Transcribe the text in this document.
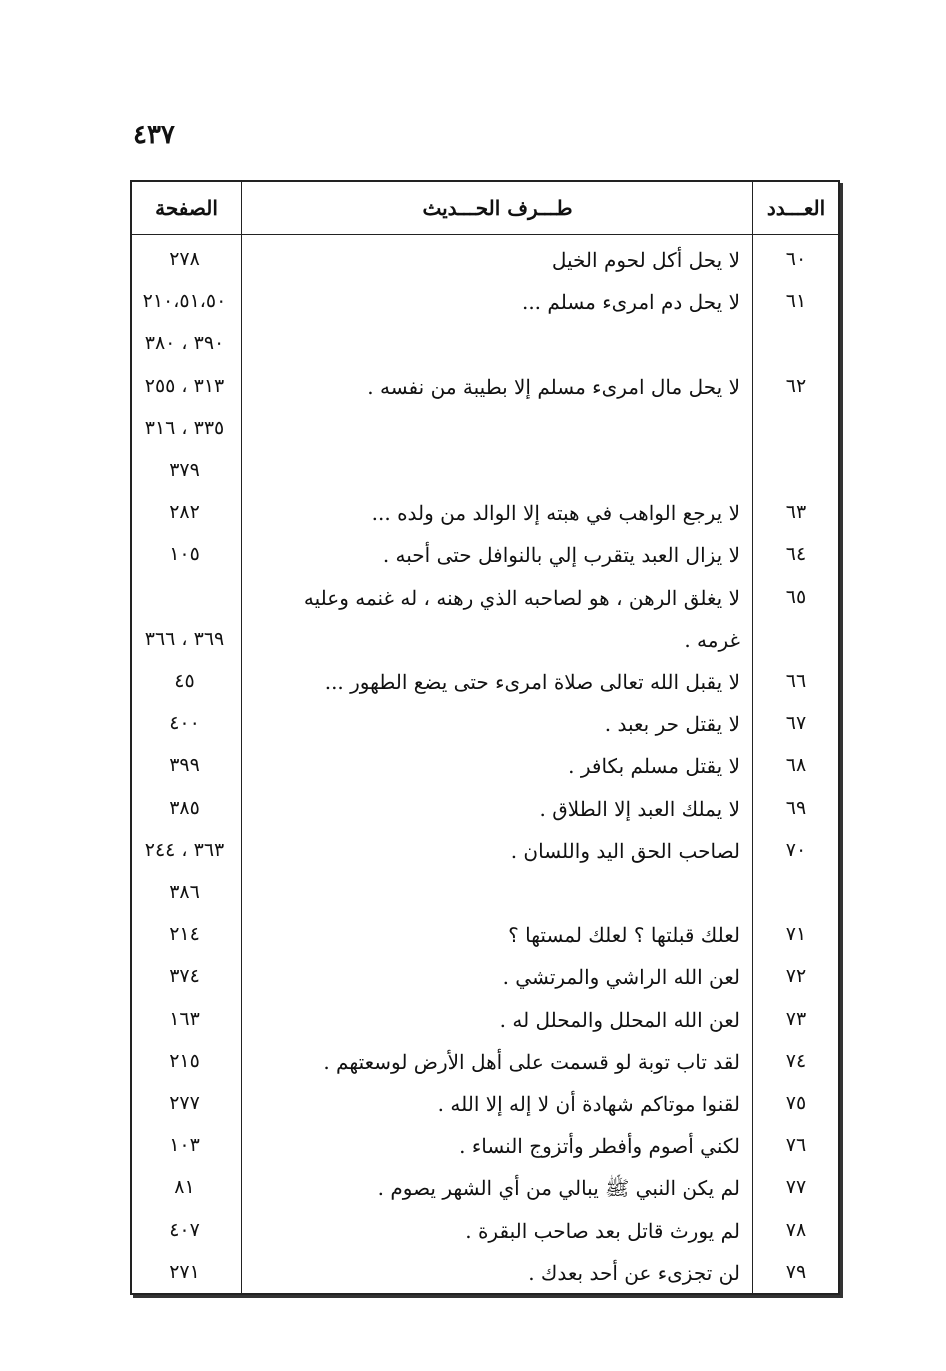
٤٣٧
الصفحة	طـــرف الحـــديث	العـــدد
٦٠
لا يحل أكل لحوم الخيل
٢٧٨
٦١
لا يحل دم امرىء مسلم ...
٢١٠،٥١،٥٠
٣٩٠ ، ٣٨٠
٦٢
لا يحل مال امرىء مسلم إلا بطيبة من نفسه .
٣١٣ ، ٢٥٥
٣٣٥ ، ٣١٦
٣٧٩
٦٣
لا يرجع الواهب في هبته إلا الوالد من ولده ...
٢٨٢
٦٤
لا يزال العبد يتقرب إلي بالنوافل حتى أحبه .
١٠٥
٦٥
لا يغلق الرهن ، هو لصاحبه الذي رهنه ، له غنمه وعليه
غرمه .
٣٦٩ ، ٣٦٦
٦٦
لا يقبل الله تعالى صلاة امرىء حتى يضع الطهور ...
٤٥
٦٧
لا يقتل حر بعبد .
٤٠٠
٦٨
لا يقتل مسلم بكافر .
٣٩٩
٦٩
لا يملك العبد إلا الطلاق .
٣٨٥
٧٠
لصاحب الحق اليد واللسان .
٣٦٣ ، ٢٤٤
٣٨٦
٧١
لعلك قبلتها ؟ لعلك لمستها ؟
٢١٤
٧٢
لعن الله الراشي والمرتشي .
٣٧٤
٧٣
لعن الله المحلل والمحلل له .
١٦٣
٧٤
لقد تاب توبة لو قسمت على أهل الأرض لوسعتهم .
٢١٥
٧٥
لقنوا موتاكم شهادة أن لا إله إلا الله .
٢٧٧
٧٦
لكني أصوم وأفطر وأتزوج النساء .
١٠٣
٧٧
لم يكن النبي ﷺ يبالي من أي الشهر يصوم .
٨١
٧٨
لم يورث قاتل بعد صاحب البقرة .
٤٠٧
٧٩
لن تجزىء عن أحد بعدك .
٢٧١
